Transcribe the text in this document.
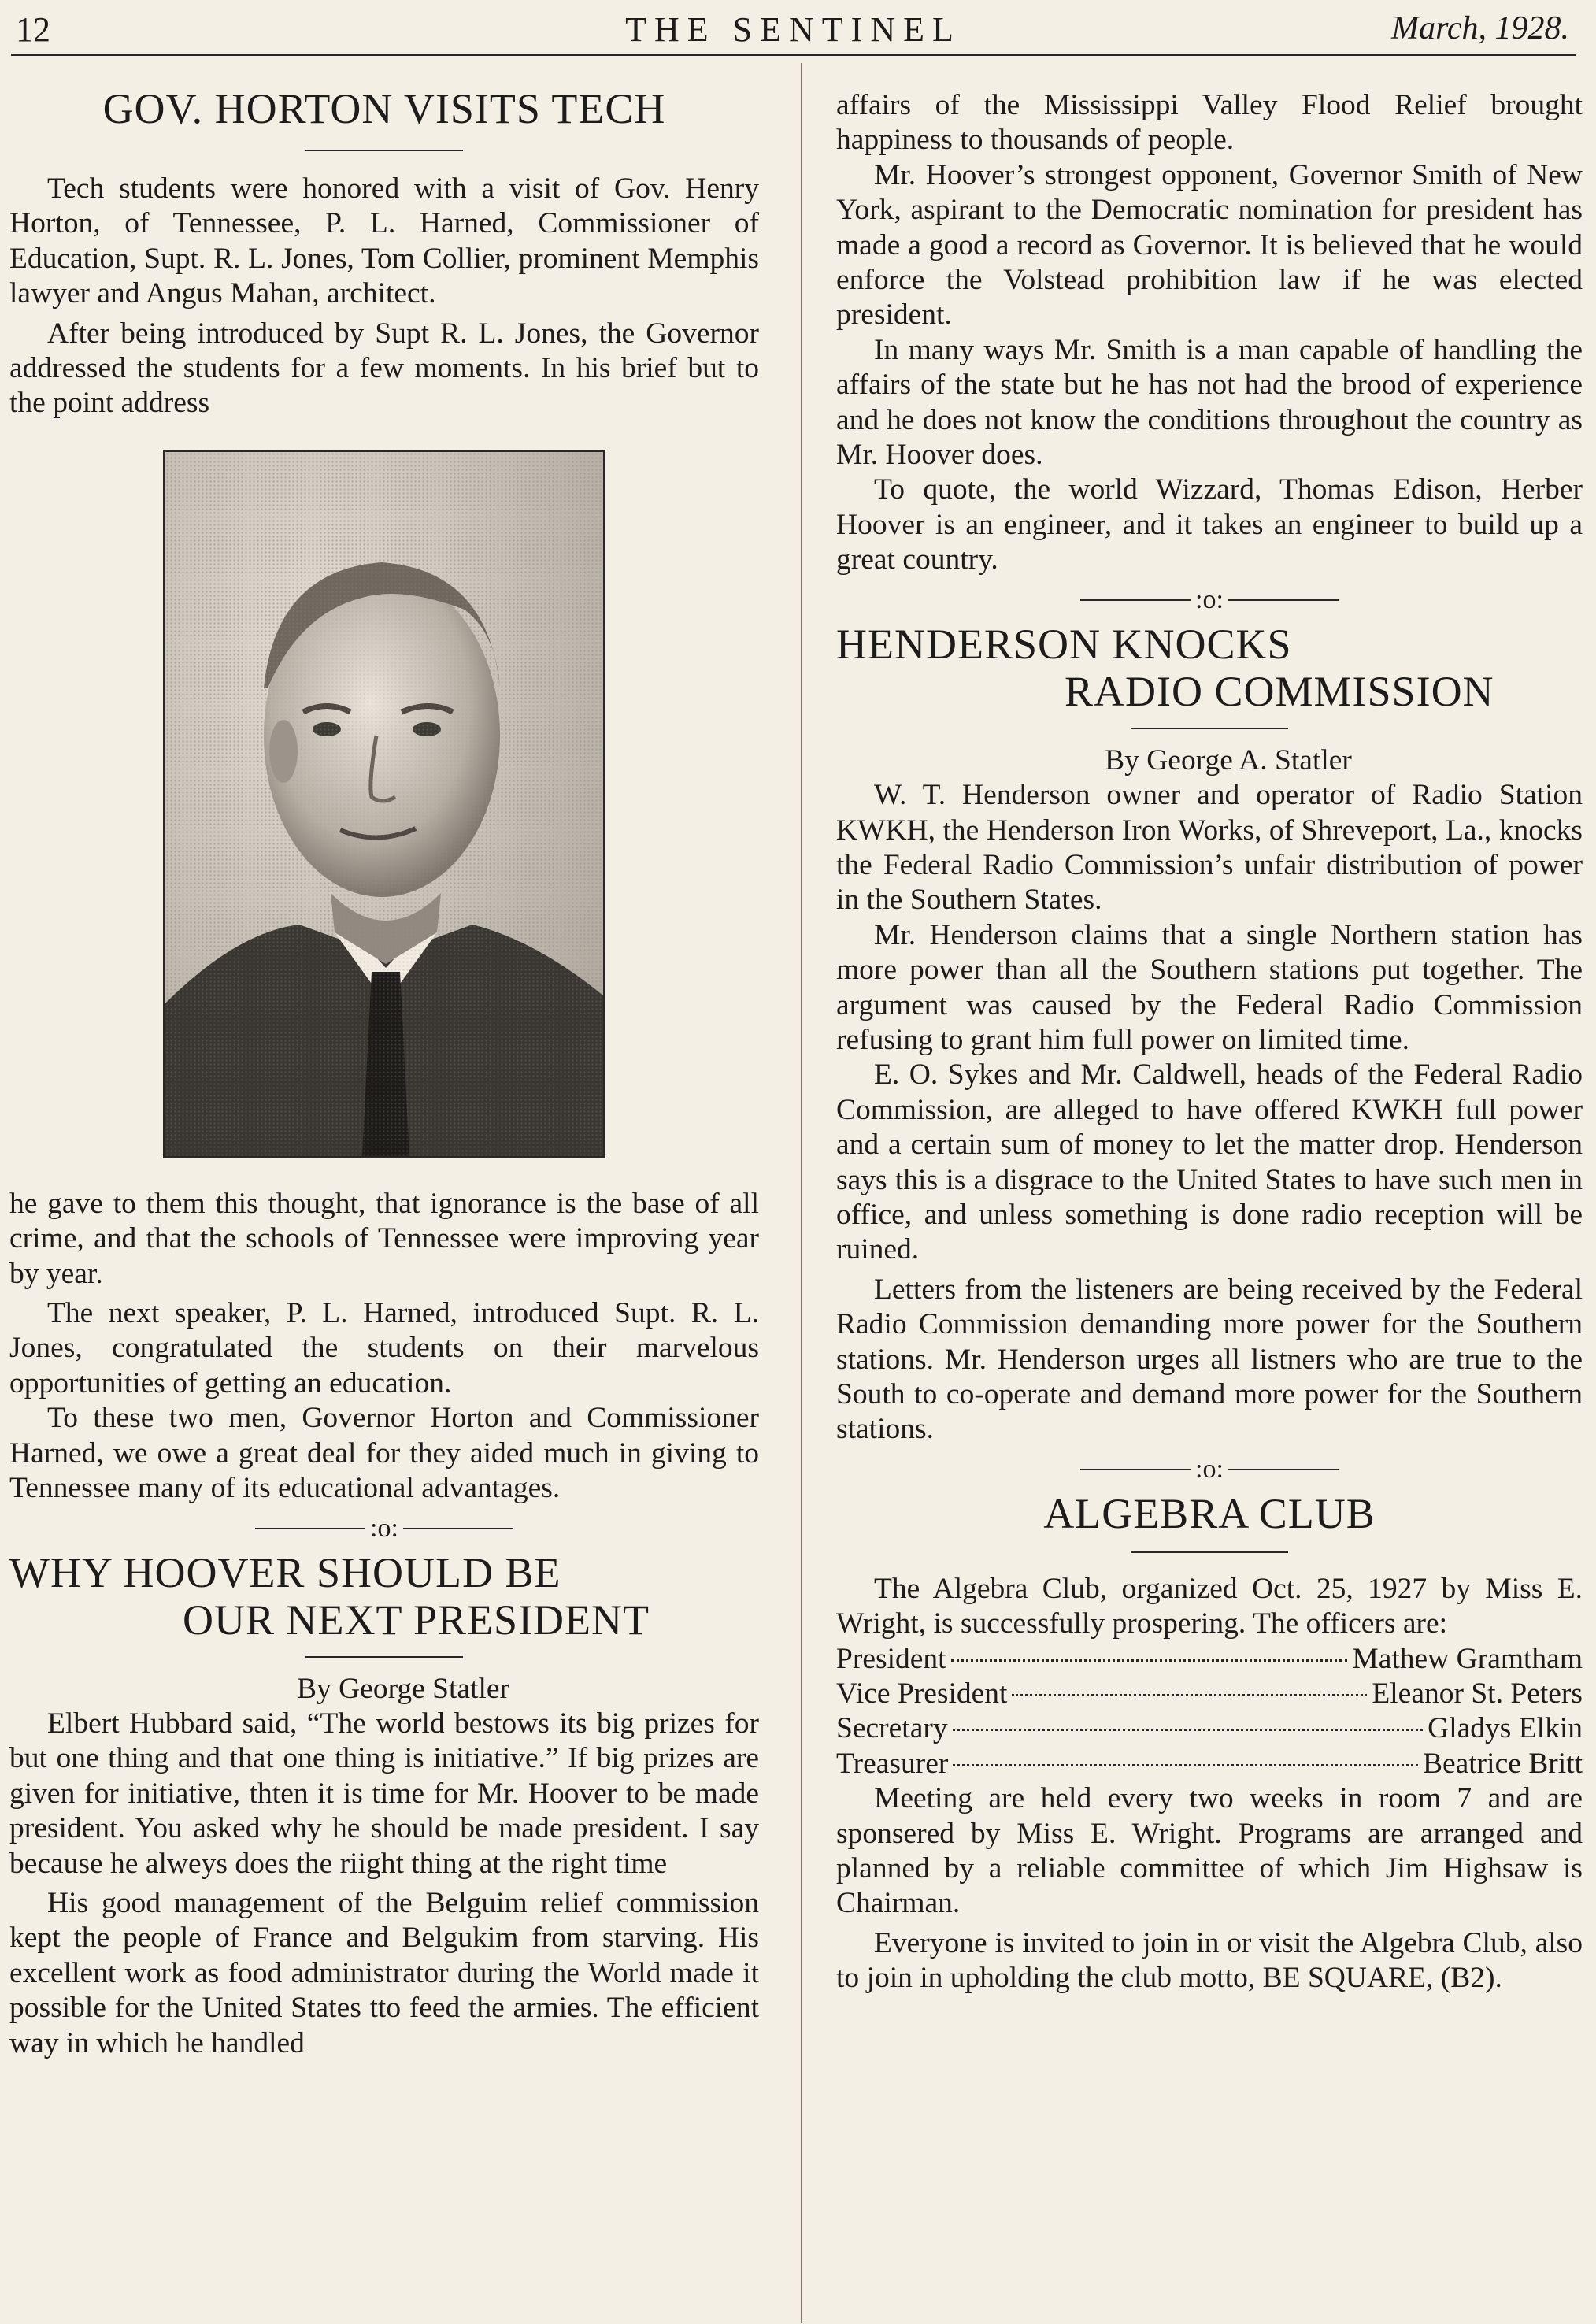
12	THE SENTINEL	March, 1928.
GOV. HORTON VISITS TECH

Tech students were honored with a visit of Gov. Henry Horton, of Tennessee, P. L. Harned, Commissioner of Education, Supt. R. L. Jones, Tom Collier, prominent Memphis lawyer and Angus Mahan, architect.

After being introduced by Supt R. L. Jones, the Governor addressed the students for a few moments. In his brief but to the point address

he gave to them this thought, that ignorance is the base of all crime, and that the schools of Tennessee were improving year by year.

The next speaker, P. L. Harned, introduced Supt. R. L. Jones, congratulated the students on their marvelous opportunities of getting an education.

To these two men, Governor Horton and Commissioner Harned, we owe a great deal for they aided much in giving to Tennessee many of its educational advantages.

:o:
WHY HOOVER SHOULD BE
OUR NEXT PRESIDENT

By George Statler

Elbert Hubbard said, “The world bestows its big prizes for but one thing and that one thing is initiative.” If big prizes are given for initiative, thten it is time for Mr. Hoover to be made president. You asked why he should be made president. I say because he alweys does the riight thing at the right time

His good management of the Belguim relief commission kept the people of France and Belgukim from starving. His excellent work as food administrator during the World made it possible for the United States tto feed the armies. The efficient way in which he handled

affairs of the Mississippi Valley Flood Relief brought happiness to thousands of people.

Mr. Hoover’s strongest opponent, Governor Smith of New York, aspirant to the Democratic nomination for president has made a good a record as Governor. It is believed that he would enforce the Volstead prohibition law if he was elected president.

In many ways Mr. Smith is a man capable of handling the affairs of the state but he has not had the brood of experience and he does not know the conditions throughout the country as Mr. Hoover does.

To quote, the world Wizzard, Thomas Edison, Herber Hoover is an engineer, and it takes an engineer to build up a great country.

:o:
HENDERSON KNOCKS
RADIO COMMISSION

By George A. Statler

W. T. Henderson owner and operator of Radio Station KWKH, the Henderson Iron Works, of Shreveport, La., knocks the Federal Radio Commission’s unfair distribution of power in the Southern States.

Mr. Henderson claims that a single Northern station has more power than all the Southern stations put together. The argument was caused by the Federal Radio Commission refusing to grant him full power on limited time.

E. O. Sykes and Mr. Caldwell, heads of the Federal Radio Commission, are alleged to have offered KWKH full power and a certain sum of money to let the matter drop. Henderson says this is a disgrace to the United States to have such men in office, and unless something is done radio reception will be ruined.

Letters from the listeners are being received by the Federal Radio Commission demanding more power for the Southern stations. Mr. Henderson urges all listners who are true to the South to co-operate and demand more power for the Southern stations.

:o:
ALGEBRA CLUB

The Algebra Club, organized Oct. 25, 1927 by Miss E. Wright, is successfully prospering. The officers are:

President	Mathew Gramtham
Vice President	Eleanor St. Peters
Secretary	Gladys Elkin
Treasurer	Beatrice Britt

Meeting are held every two weeks in room 7 and are sponsered by Miss E. Wright. Programs are arranged and planned by a reliable committee of which Jim Highsaw is Chairman.

Everyone is invited to join in or visit the Algebra Club, also to join in upholding the club motto, BE SQUARE, (B2).
